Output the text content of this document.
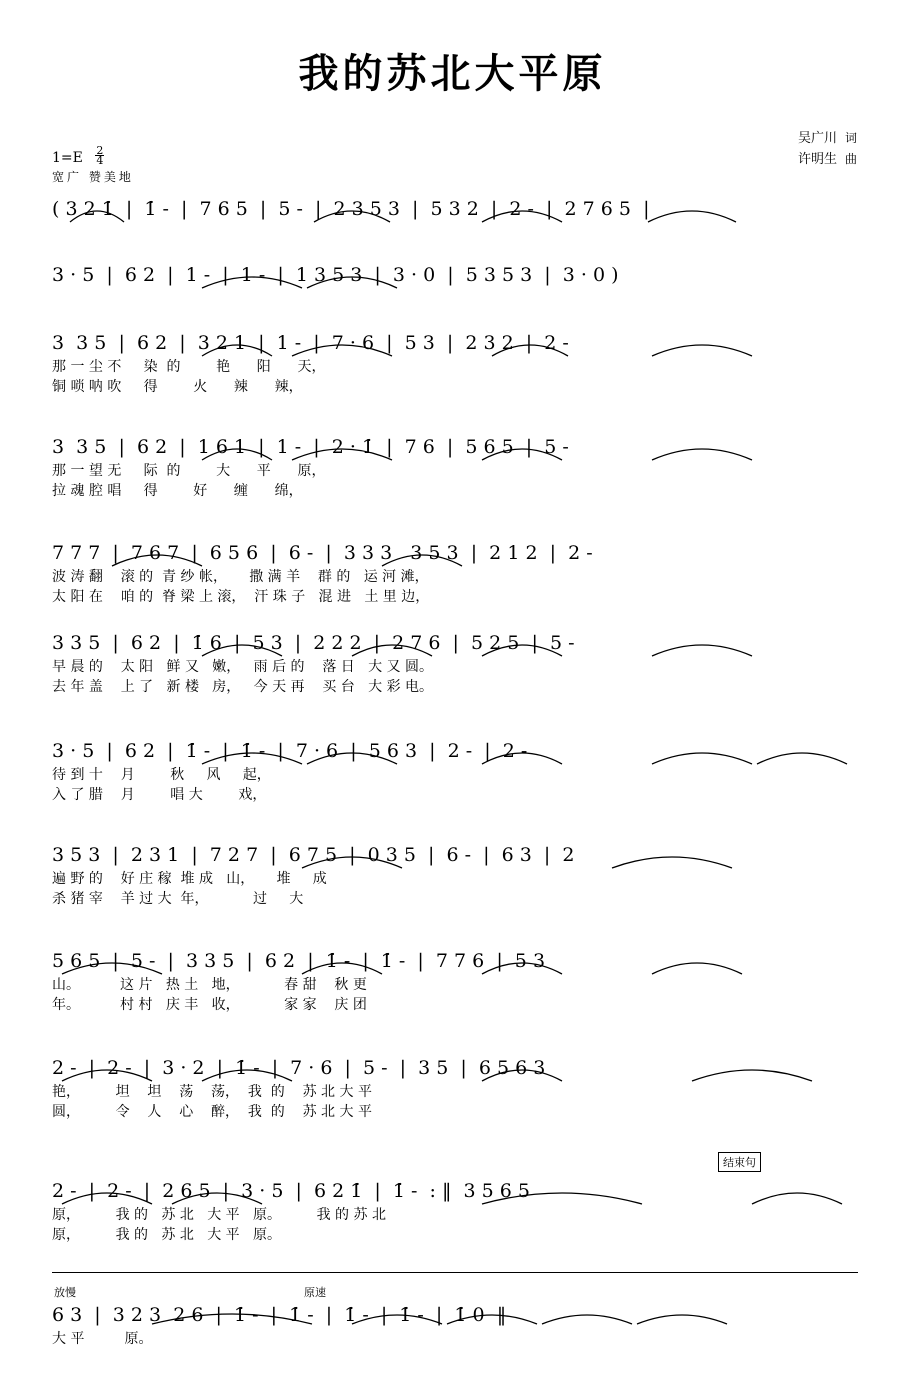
我的苏北大平原
吴广川 词
许明生 曲
$1=E \frac{2}{4}$
宽广 赞美地
( 3 2 1̇  |  1̇ -  |  7 6 5  |  5 -  |  2 3 5 3  |  5 3 2  |  2 -  |  2 7 6 5  |
3 · 5  |  6 2  |  1 -  |  1 -  |  1 3 5 3  |  3 · 0  |  5 3 5 3  |  3 · 0 )
3  3 5  |  6 2  |  3 2 1  |  1 -  |  7 · 6  |  5 3  |  2 3 2  |  2 -
那 一 尘 不     染  的        艳      阳      天，
铜 唢 呐 吹     得        火      辣      辣，
3  3 5  |  6 2  |  1 6 1  |  1 -  |  2 · 1̇  |  7 6  |  5 6 5  |  5 -
那 一 望 无     际  的        大      平      原，
拉 魂 腔 唱     得        好      缠      绵，
7 7 7  |  7 6 7  |  6 5 6  |  6 -  |  3 3 3   3 5 3  |  2 1 2  |  2 -
波 涛 翻    滚 的  青 纱 帐，     撒 满 羊    群 的   运 河 滩，
太 阳 在    咱 的  脊 梁 上 滚，  汗 珠 子   混 进   土 里 边，
3 3 5  |  6 2  |  1̇ 6  |  5 3  |  2 2 2  |  2 7 6  |  5 2 5  |  5 -
早 晨 的    太 阳   鲜 又   嫩，   雨 后 的    落 日   大 又 圆。
去 年 盖    上 了   新 楼   房，   今 天 再    买 台   大 彩 电。
3 · 5  |  6 2  |  1̇ -  |  1̇ -  |  7 · 6  |  5 6 3  |  2 -  |  2 -
待 到 十    月        秋     风     起，
入 了 腊    月        唱 大        戏，
3 5 3  |  2 3 1  |  7 2 7  |  6 7 5  |  0 3 5  |  6 -  |  6 3  |  2
遍 野 的    好 庄 稼  堆 成   山，     堆     成
杀 猪 宰    羊 过 大  年，          过     大
5 6 5  |  5 -  |  3 3 5  |  6 2  |  1̇ -  |  1̇ -  |  7 7 6  |  5 3
山。         这 片   热 土   地，          春 甜    秋 更
年。         村 村   庆 丰   收，          家 家    庆 团
2 -  |  2 -  |  3 · 2  |  1̇ -  |  7 · 6  |  5 -  |  3 5  |  6 5 6 3
艳，        坦    坦    荡    荡，  我  的    苏 北 大 平
圆，        令    人    心    醉，  我  的    苏 北 大 平
结束句
2 -  |  2 -  |  2 6 5  |  3 · 5  |  6 2 1̇  |  1̇ -  : ‖  3 5 6 5
原，        我 的   苏 北   大 平   原。        我 的 苏 北
原，        我 的   苏 北   大 平   原。
放慢	原速
6 3  |  3 2 3  2 6  |  1̇ -  |  1̇ -  |  1̇ -  |  1̇ -  |  1̇ 0  ‖
大 平         原。
